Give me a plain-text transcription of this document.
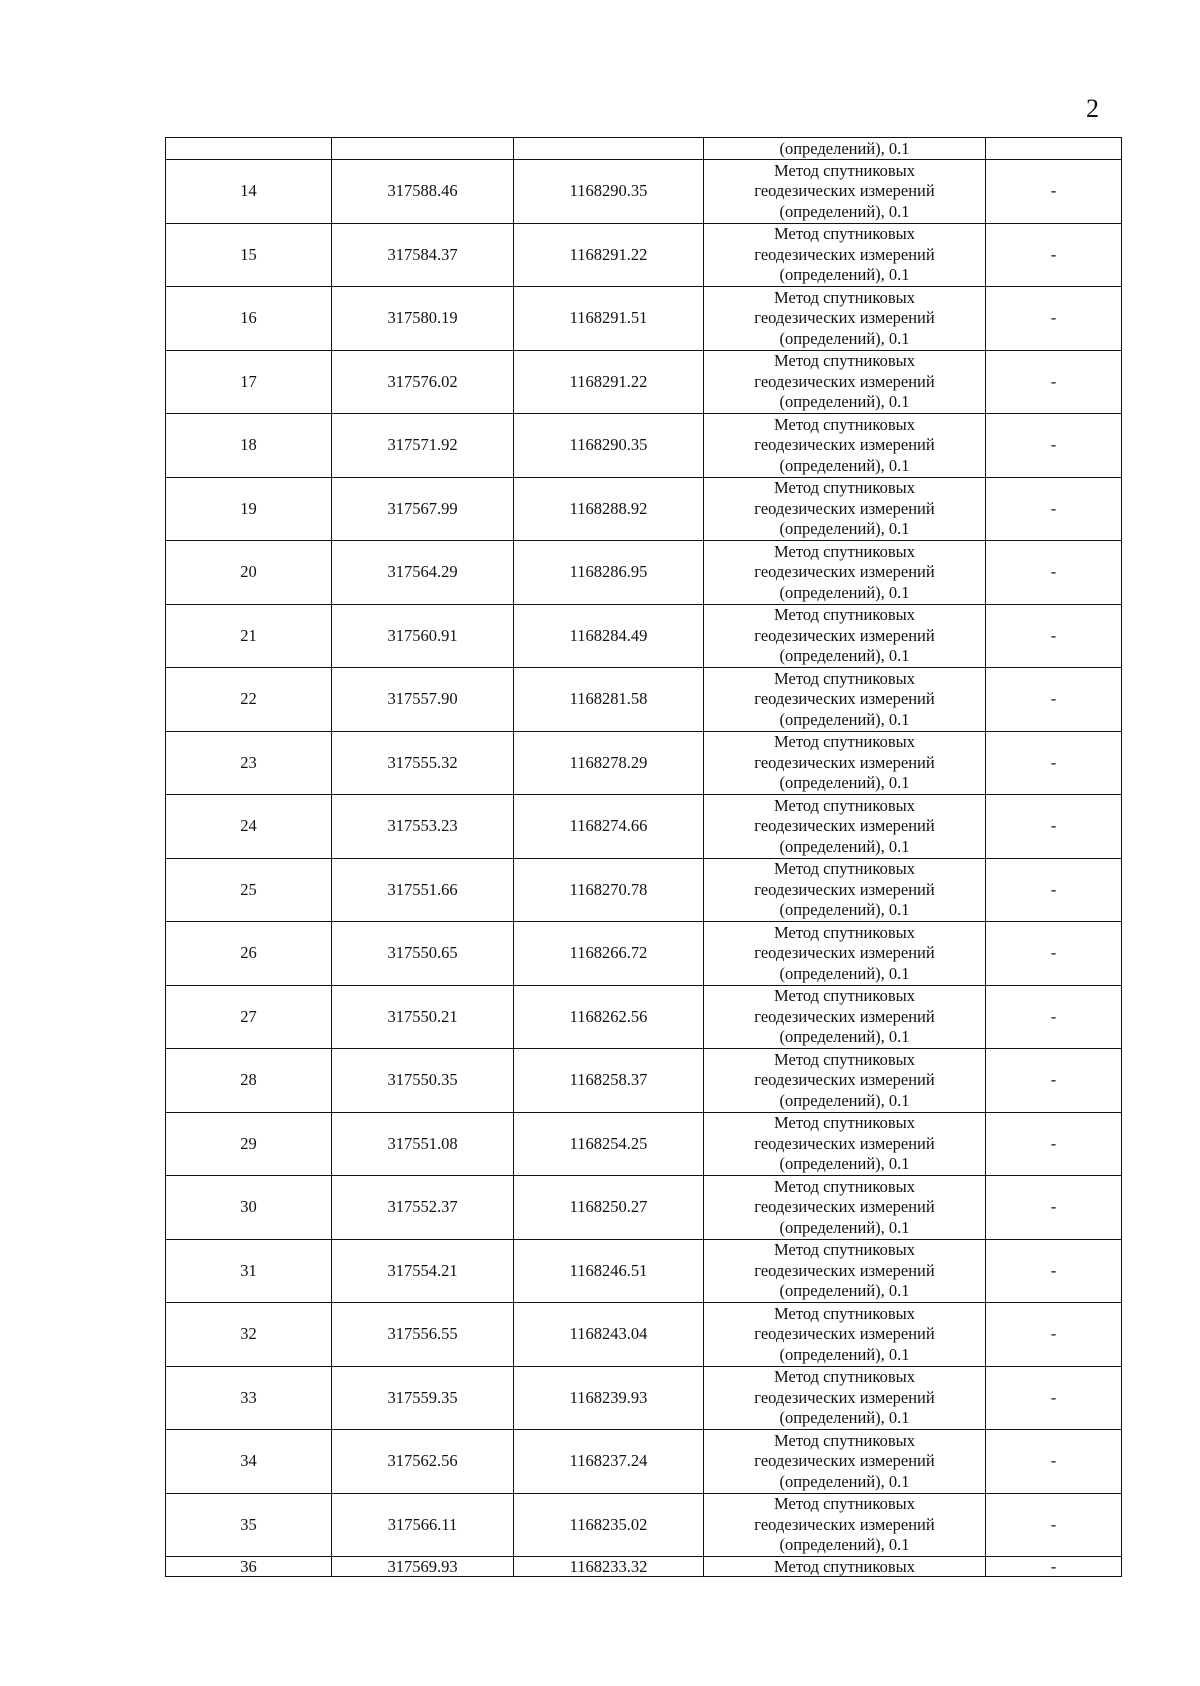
2
			(определений), 0.1	
14	317588.46	1168290.35	Метод спутниковых
геодезических измерений
(определений), 0.1	-
15	317584.37	1168291.22	Метод спутниковых
геодезических измерений
(определений), 0.1	-
16	317580.19	1168291.51	Метод спутниковых
геодезических измерений
(определений), 0.1	-
17	317576.02	1168291.22	Метод спутниковых
геодезических измерений
(определений), 0.1	-
18	317571.92	1168290.35	Метод спутниковых
геодезических измерений
(определений), 0.1	-
19	317567.99	1168288.92	Метод спутниковых
геодезических измерений
(определений), 0.1	-
20	317564.29	1168286.95	Метод спутниковых
геодезических измерений
(определений), 0.1	-
21	317560.91	1168284.49	Метод спутниковых
геодезических измерений
(определений), 0.1	-
22	317557.90	1168281.58	Метод спутниковых
геодезических измерений
(определений), 0.1	-
23	317555.32	1168278.29	Метод спутниковых
геодезических измерений
(определений), 0.1	-
24	317553.23	1168274.66	Метод спутниковых
геодезических измерений
(определений), 0.1	-
25	317551.66	1168270.78	Метод спутниковых
геодезических измерений
(определений), 0.1	-
26	317550.65	1168266.72	Метод спутниковых
геодезических измерений
(определений), 0.1	-
27	317550.21	1168262.56	Метод спутниковых
геодезических измерений
(определений), 0.1	-
28	317550.35	1168258.37	Метод спутниковых
геодезических измерений
(определений), 0.1	-
29	317551.08	1168254.25	Метод спутниковых
геодезических измерений
(определений), 0.1	-
30	317552.37	1168250.27	Метод спутниковых
геодезических измерений
(определений), 0.1	-
31	317554.21	1168246.51	Метод спутниковых
геодезических измерений
(определений), 0.1	-
32	317556.55	1168243.04	Метод спутниковых
геодезических измерений
(определений), 0.1	-
33	317559.35	1168239.93	Метод спутниковых
геодезических измерений
(определений), 0.1	-
34	317562.56	1168237.24	Метод спутниковых
геодезических измерений
(определений), 0.1	-
35	317566.11	1168235.02	Метод спутниковых
геодезических измерений
(определений), 0.1	-
36	317569.93	1168233.32	Метод спутниковых	-
